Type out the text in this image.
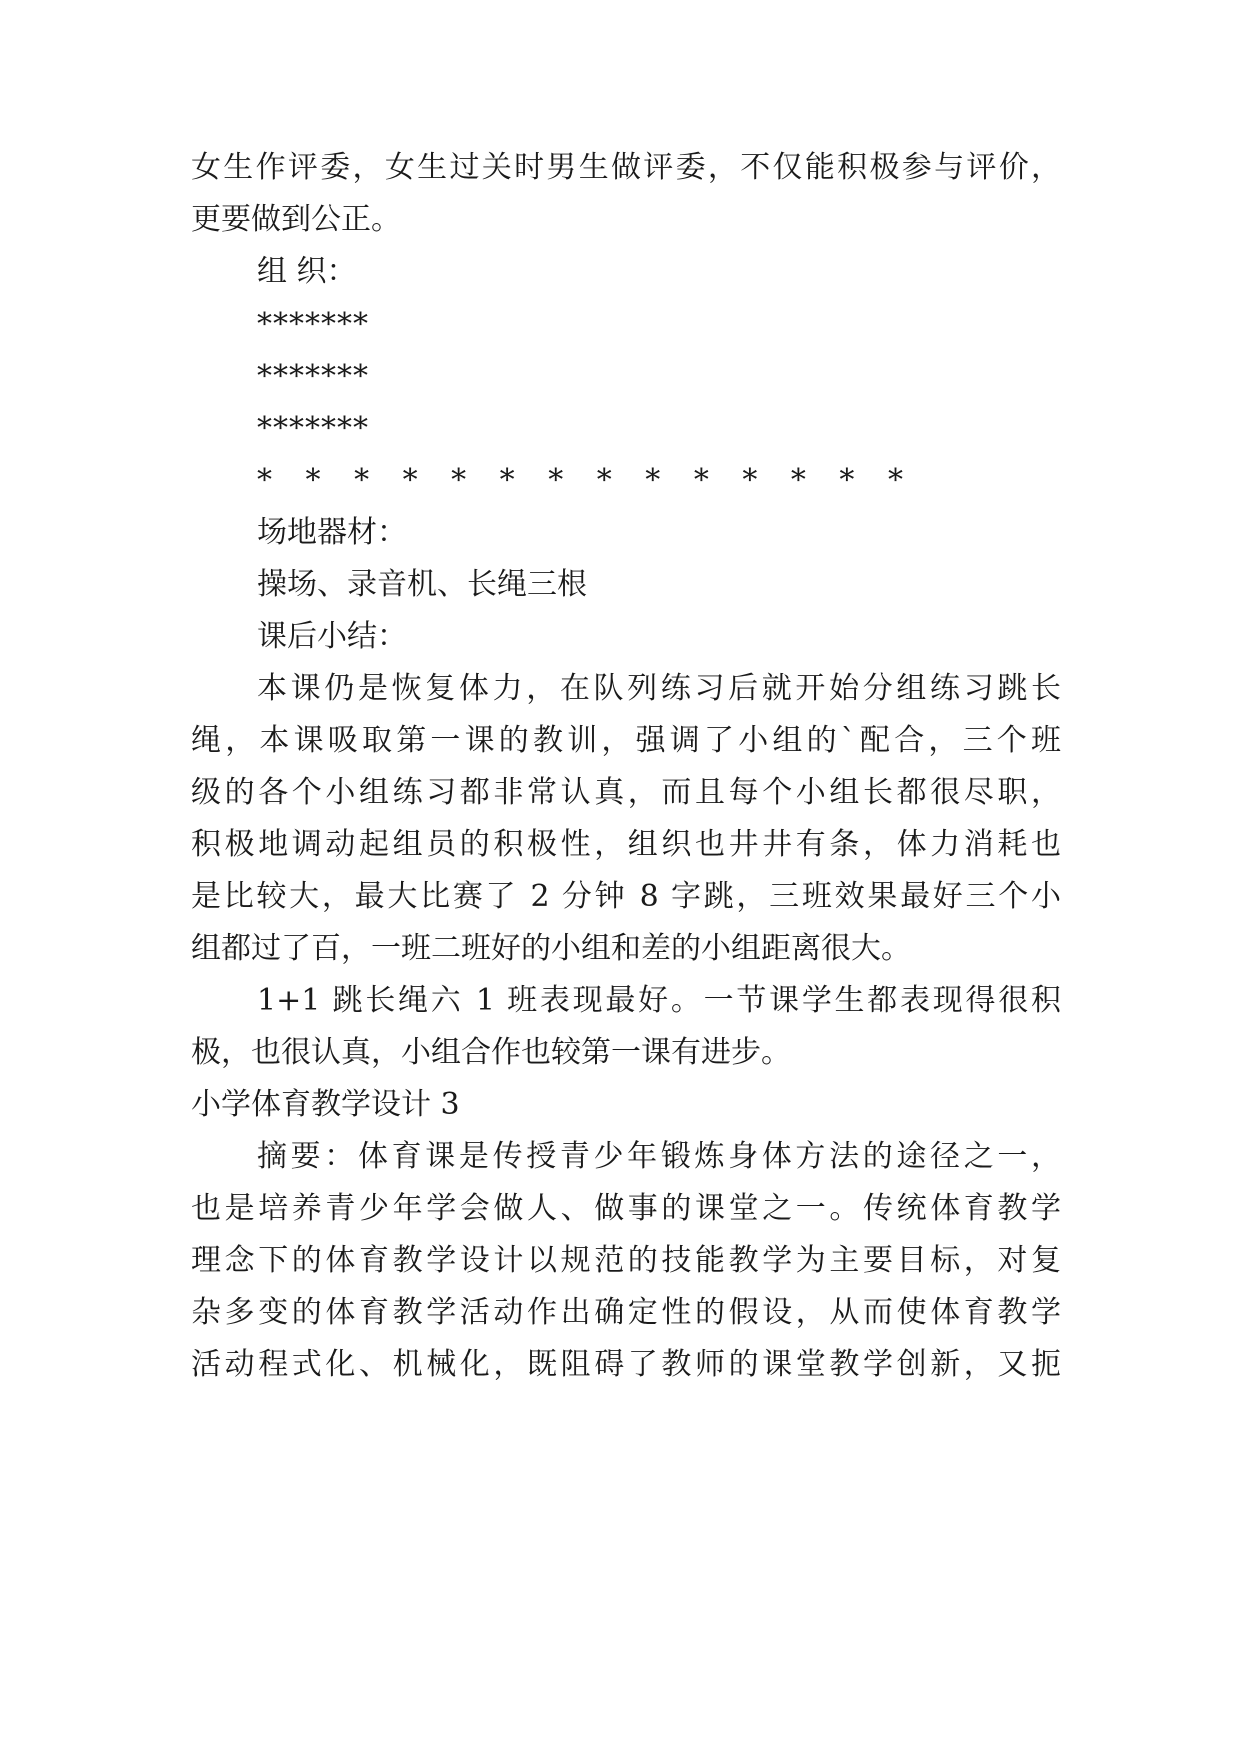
女生作评委，女生过关时男生做评委，不仅能积极参与评价，

更要做到公正。

组 织：

*******

*******

*******

* * * * * * * * * * * * * *

场地器材：

操场、录音机、长绳三根

课后小结：

本课仍是恢复体力，在队列练习后就开始分组练习跳长

绳，本课吸取第一课的教训，强调了小组的`配合，三个班

级的各个小组练习都非常认真，而且每个小组长都很尽职，

积极地调动起组员的积极性，组织也井井有条，体力消耗也

是比较大，最大比赛了 2 分钟 8 字跳，三班效果最好三个小

组都过了百，一班二班好的小组和差的小组距离很大。

1+1 跳长绳六 1 班表现最好。一节课学生都表现得很积

极，也很认真，小组合作也较第一课有进步。

小学体育教学设计 3

摘要：体育课是传授青少年锻炼身体方法的途径之一，

也是培养青少年学会做人、做事的课堂之一。传统体育教学

理念下的体育教学设计以规范的技能教学为主要目标，对复

杂多变的体育教学活动作出确定性的假设，从而使体育教学

活动程式化、机械化，既阻碍了教师的课堂教学创新，又扼
